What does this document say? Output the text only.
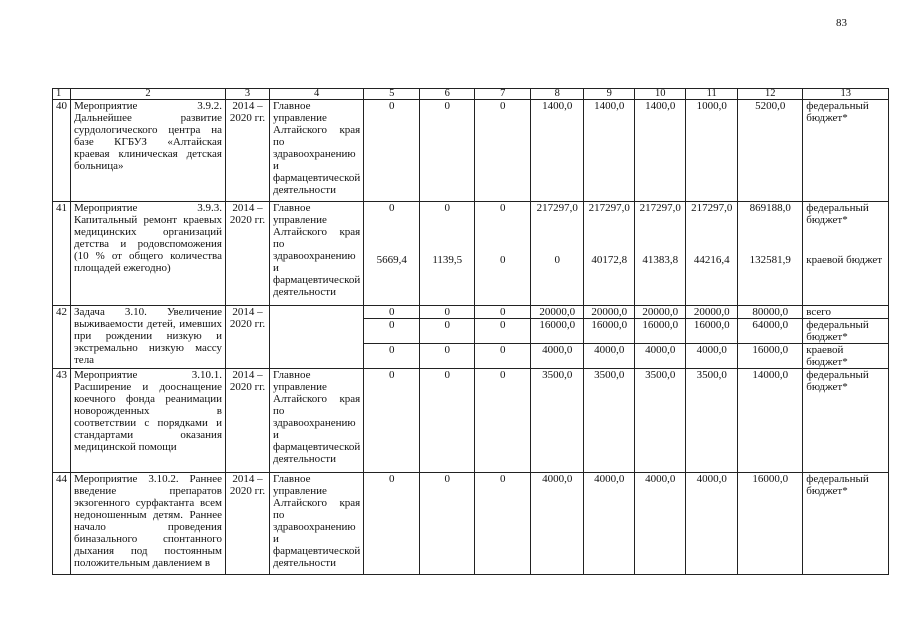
83
1	2	3	4	5	6	7	8	9	10	11	12	13
40	Мероприятие 3.9.2. Дальнейшее развитие сурдологического центра на базе КГБУЗ «Алтайская краевая клиническая детская больница»	2014 – 2020 гг.	Главное управление Алтайского края по здравоохранению и фармацевтической деятельности	0	0	0	1400,0	1400,0	1400,0	1000,0	5200,0	федеральный бюджет*
41	Мероприятие 3.9.3. Капитальный ремонт краевых медицинских организаций детства и родовспоможения (10 % от общего количества площадей ежегодно)	2014 – 2020 гг.	Главное управление Алтайского края по здравоохранению и фармацевтической деятельности	0	0	0	217297,0	217297,0	217297,0	217297,0	869188,0	федеральный бюджет*
				5669,4	1139,5	0	0	40172,8	41383,8	44216,4	132581,9	краевой бюджет
42	Задача 3.10. Увеличение выживаемости детей, имевших при рождении низкую и экстремально низкую массу тела	2014 – 2020 гг.		0	0	0	20000,0	20000,0	20000,0	20000,0	80000,0	всего
				0	0	0	16000,0	16000,0	16000,0	16000,0	64000,0	федеральный бюджет*
				0	0	0	4000,0	4000,0	4000,0	4000,0	16000,0	краевой бюджет*
43	Мероприятие 3.10.1. Расширение и дооснащение коечного фонда реанимации новорожденных в соответствии с порядками и стандартами оказания медицинской помощи	2014 – 2020 гг.	Главное управление Алтайского края по здравоохранению и фармацевтической деятельности	0	0	0	3500,0	3500,0	3500,0	3500,0	14000,0	федеральный бюджет*
44	Мероприятие 3.10.2. Раннее введение препаратов экзогенного сурфактанта всем недоношенным детям. Раннее начало проведения биназального спонтанного дыхания под постоянным положительным давлением в	2014 – 2020 гг.	Главное управление Алтайского края по здравоохранению и фармацевтической деятельности	0	0	0	4000,0	4000,0	4000,0	4000,0	16000,0	федеральный бюджет*
